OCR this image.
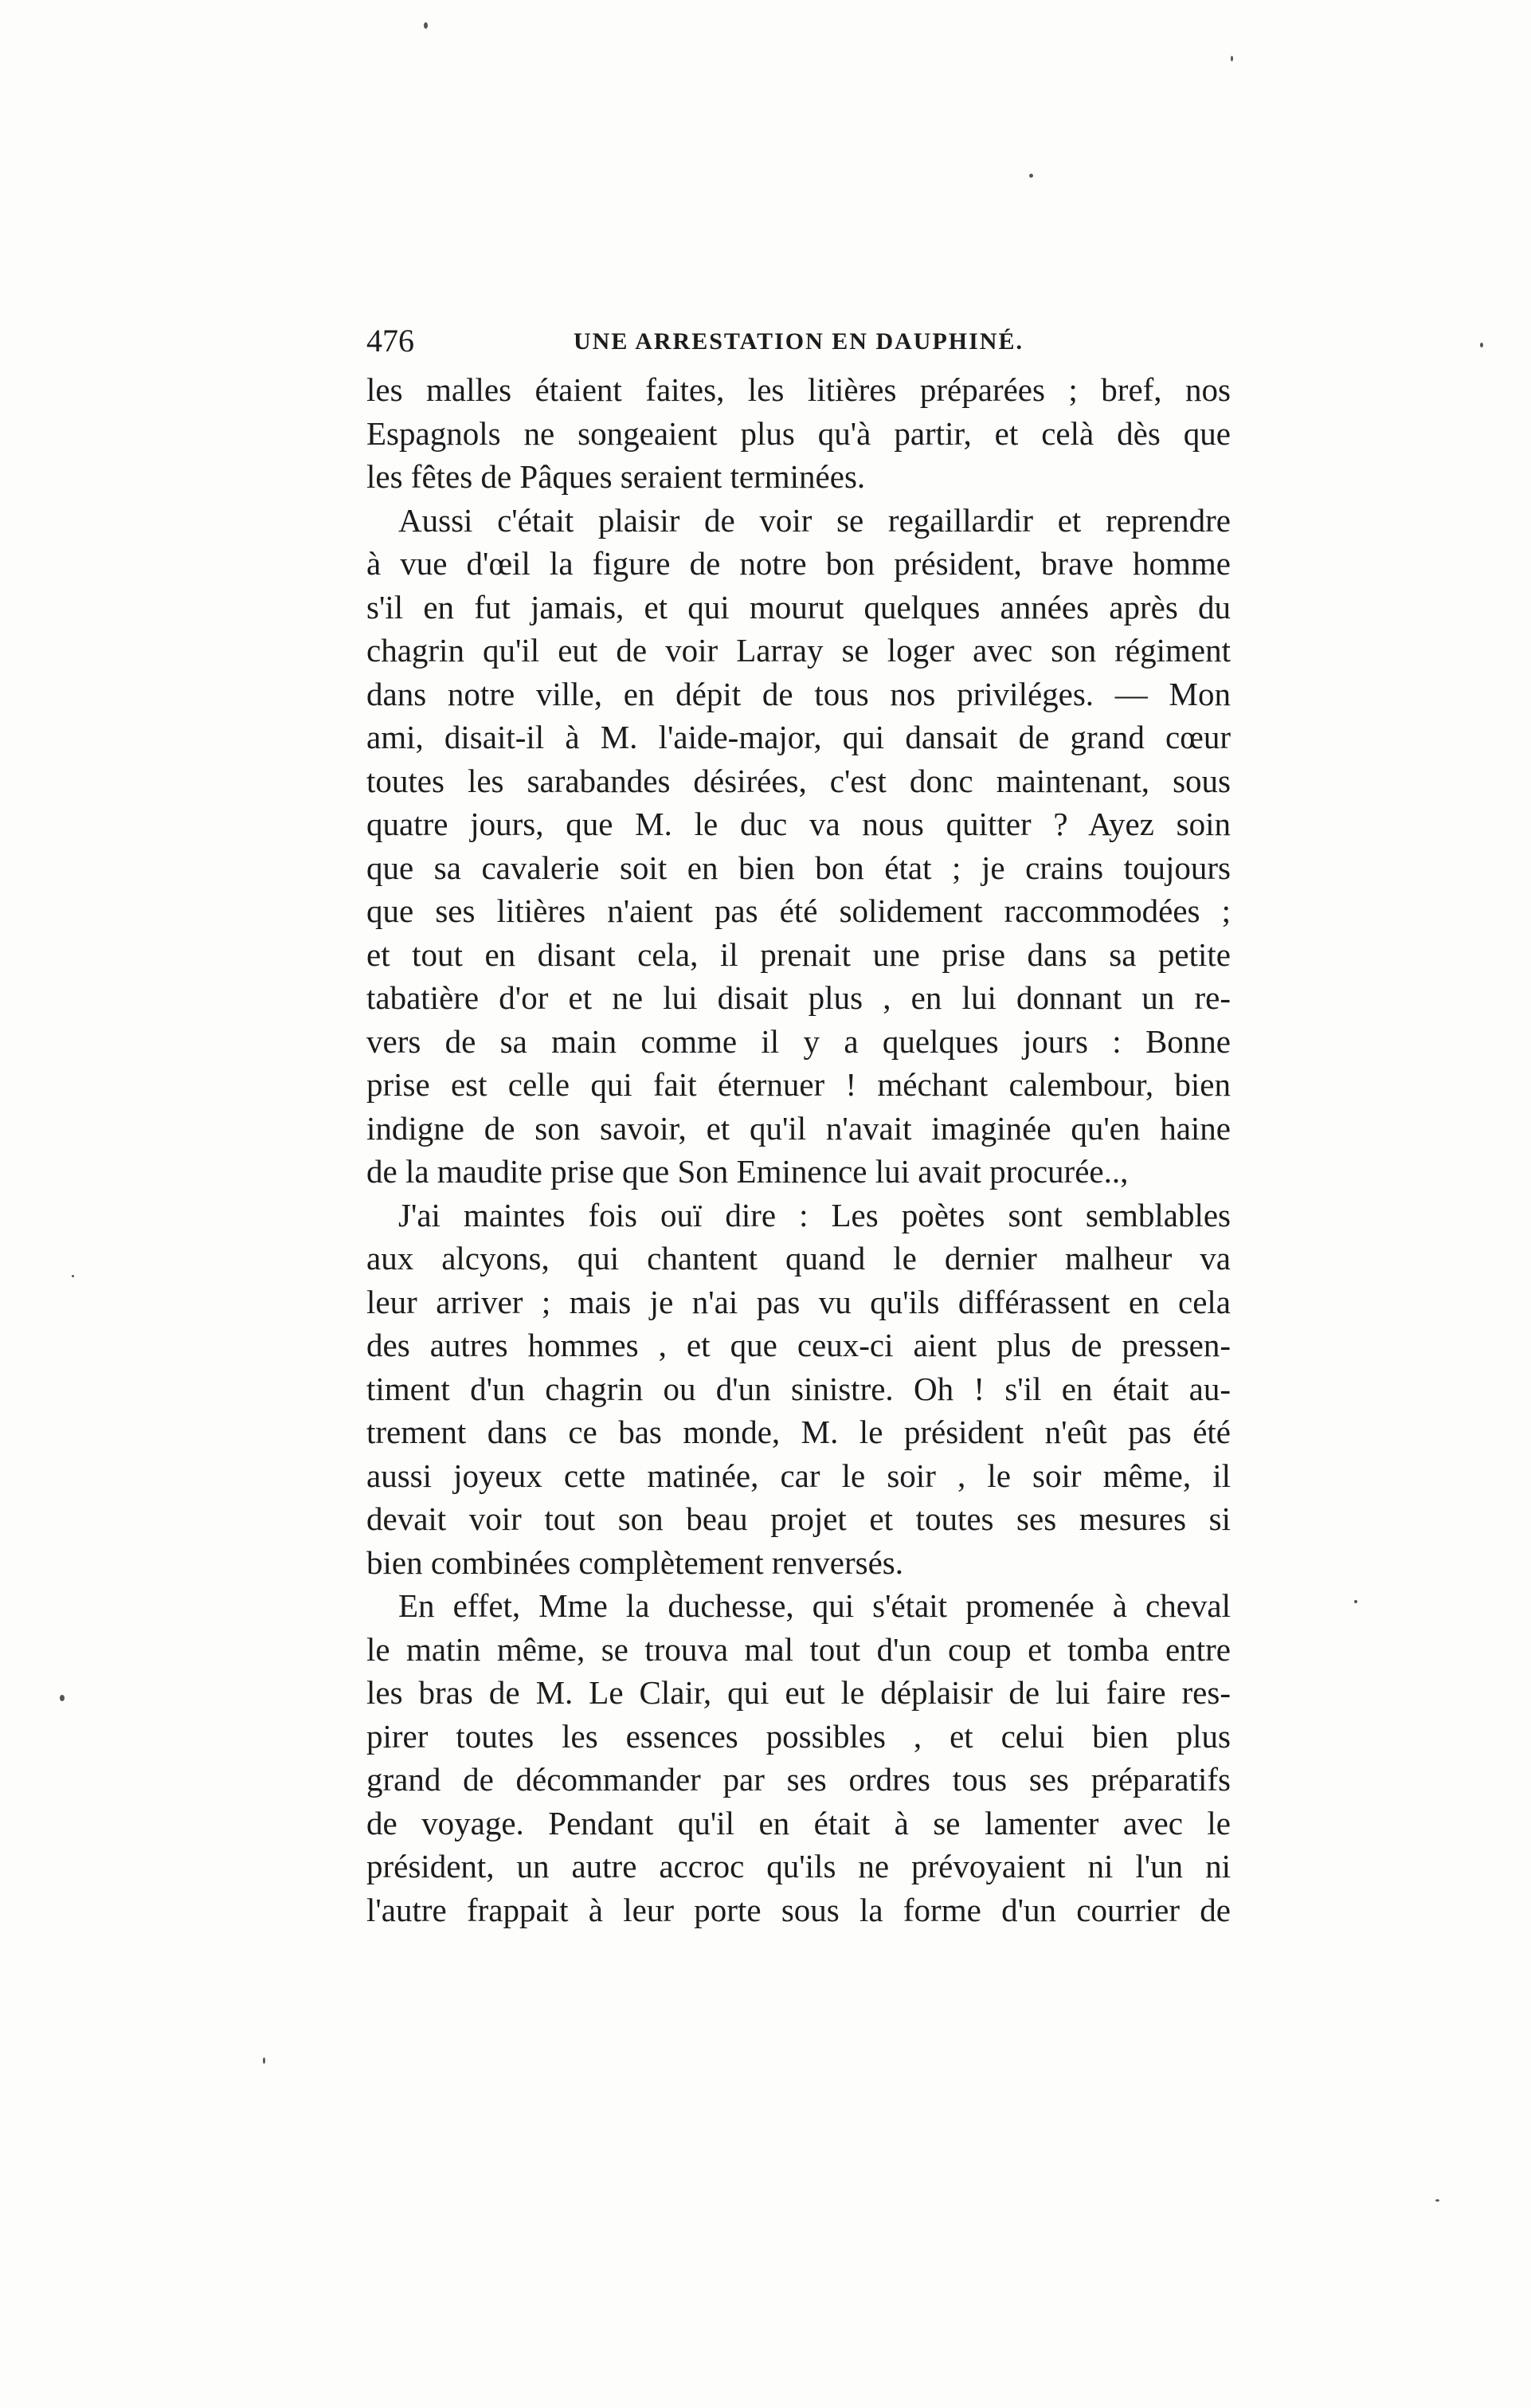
476	UNE ARRESTATION EN DAUPHINÉ.
les malles étaient faites, les litières préparées ; bref, nos
Espagnols ne songeaient plus qu'à partir, et celà dès que
les fêtes de Pâques seraient terminées.
Aussi c'était plaisir de voir se regaillardir et reprendre
à vue d'œil la figure de notre bon président, brave homme
s'il en fut jamais, et qui mourut quelques années après du
chagrin qu'il eut de voir Larray se loger avec son régiment
dans notre ville, en dépit de tous nos priviléges. — Mon
ami, disait-il à M. l'aide-major, qui dansait de grand cœur
toutes les sarabandes désirées, c'est donc maintenant, sous
quatre jours, que M. le duc va nous quitter ? Ayez soin
que sa cavalerie soit en bien bon état ; je crains toujours
que ses litières n'aient pas été solidement raccommodées ;
et tout en disant cela, il prenait une prise dans sa petite
tabatière d'or et ne lui disait plus , en lui donnant un re-
vers de sa main comme il y a quelques jours : Bonne
prise est celle qui fait éternuer ! méchant calembour, bien
indigne de son savoir, et qu'il n'avait imaginée qu'en haine
de la maudite prise que Son Eminence lui avait procurée..,
J'ai maintes fois ouï dire : Les poètes sont semblables
aux alcyons, qui chantent quand le dernier malheur va
leur arriver ; mais je n'ai pas vu qu'ils différassent en cela
des autres hommes , et que ceux-ci aient plus de pressen-
timent d'un chagrin ou d'un sinistre. Oh ! s'il en était au-
trement dans ce bas monde, M. le président n'eût pas été
aussi joyeux cette matinée, car le soir , le soir même, il
devait voir tout son beau projet et toutes ses mesures si
bien combinées complètement renversés.
En effet, Mme la duchesse, qui s'était promenée à cheval
le matin même, se trouva mal tout d'un coup et tomba entre
les bras de M. Le Clair, qui eut le déplaisir de lui faire res-
pirer toutes les essences possibles , et celui bien plus
grand de décommander par ses ordres tous ses préparatifs
de voyage. Pendant qu'il en était à se lamenter avec le
président, un autre accroc qu'ils ne prévoyaient ni l'un ni
l'autre frappait à leur porte sous la forme d'un courrier de
